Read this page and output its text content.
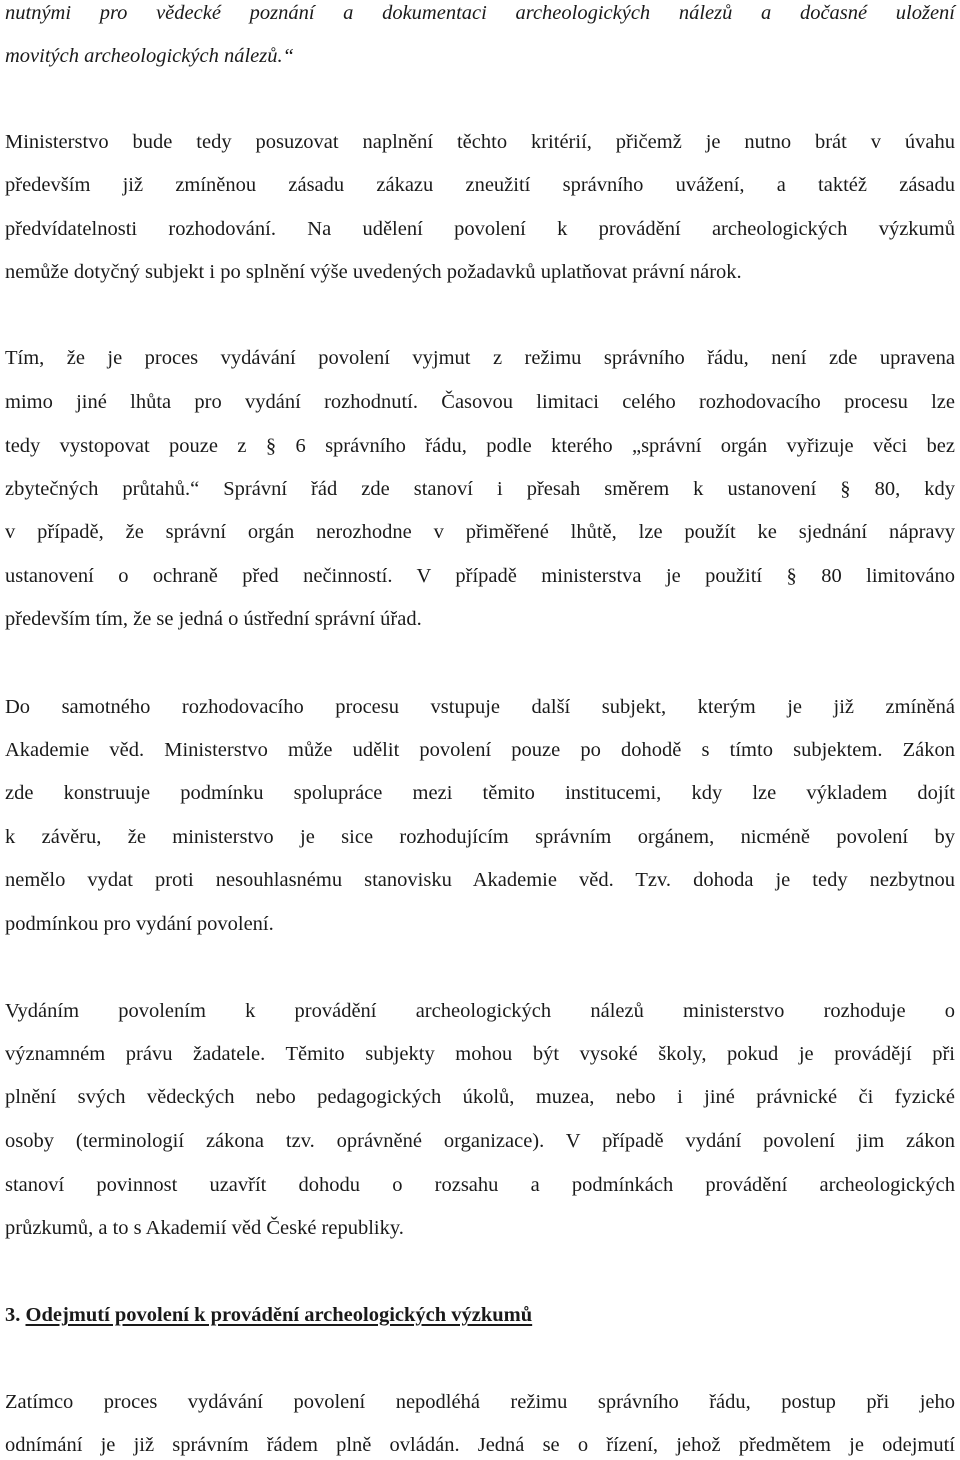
nutnými pro vědecké poznání a dokumentaci archeologických nálezů a dočasné uložení
movitých archeologických nálezů.“
Ministerstvo bude tedy posuzovat naplnění těchto kritérií, přičemž je nutno brát v úvahu
především již zmíněnou zásadu zákazu zneužití správního uvážení, a taktéž zásadu
předvídatelnosti rozhodování. Na udělení povolení k provádění archeologických výzkumů
nemůže dotyčný subjekt i po splnění výše uvedených požadavků uplatňovat právní nárok.
Tím, že je proces vydávání povolení vyjmut z režimu správního řádu, není zde upravena
mimo jiné lhůta pro vydání rozhodnutí. Časovou limitaci celého rozhodovacího procesu lze
tedy vystopovat pouze z § 6 správního řádu, podle kterého „správní orgán vyřizuje věci bez
zbytečných průtahů.“ Správní řád zde stanoví i přesah směrem k ustanovení § 80, kdy
v případě, že správní orgán nerozhodne v přiměřené lhůtě, lze použít ke sjednání nápravy
ustanovení o ochraně před nečinností. V případě ministerstva je použití § 80 limitováno
především tím, že se jedná o ústřední správní úřad.
Do samotného rozhodovacího procesu vstupuje další subjekt, kterým je již zmíněná
Akademie věd. Ministerstvo může udělit povolení pouze po dohodě s tímto subjektem. Zákon
zde konstruuje podmínku spolupráce mezi těmito institucemi, kdy lze výkladem dojít
k závěru, že ministerstvo je sice rozhodujícím správním orgánem, nicméně povolení by
nemělo vydat proti nesouhlasnému stanovisku Akademie věd. Tzv. dohoda je tedy nezbytnou
podmínkou pro vydání povolení.
Vydáním povolením k provádění archeologických nálezů ministerstvo rozhoduje o
významném právu žadatele. Těmito subjekty mohou být vysoké školy, pokud je provádějí při
plnění svých vědeckých nebo pedagogických úkolů, muzea, nebo i jiné právnické či fyzické
osoby (terminologií zákona tzv. oprávněné organizace). V případě vydání povolení jim zákon
stanoví povinnost uzavřít dohodu o rozsahu a podmínkách provádění archeologických
průzkumů, a to s Akademií věd České republiky.
3. Odejmutí povolení k provádění archeologických výzkumů
Zatímco proces vydávání povolení nepodléhá režimu správního řádu, postup při jeho
odnímání je již správním řádem plně ovládán. Jedná se o řízení, jehož předmětem je odejmutí
